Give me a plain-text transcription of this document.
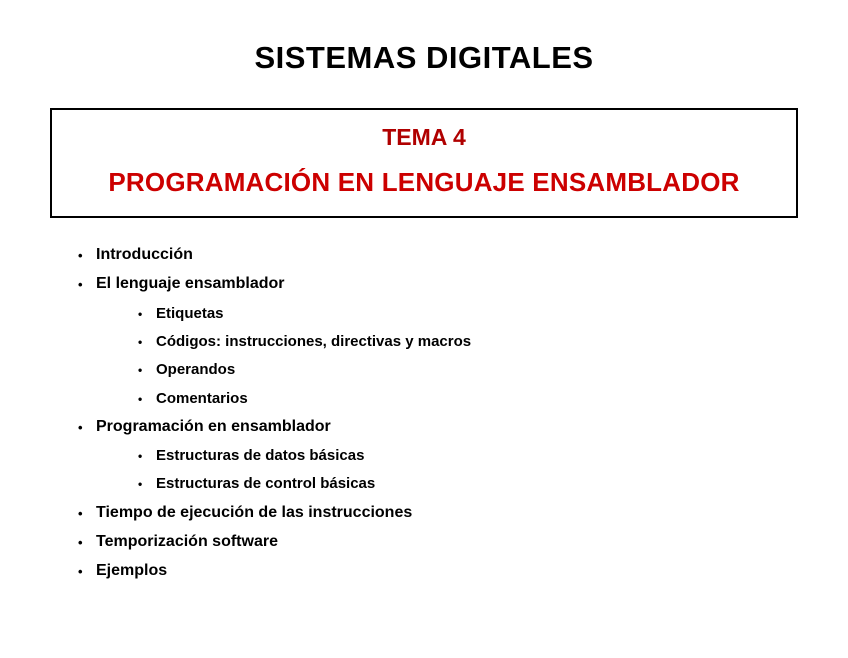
SISTEMAS DIGITALES
TEMA 4
PROGRAMACIÓN EN LENGUAJE ENSAMBLADOR
• Introducción
• El lenguaje ensamblador
• Etiquetas
• Códigos: instrucciones, directivas y macros
• Operandos
• Comentarios
• Programación en ensamblador
• Estructuras de datos básicas
• Estructuras de control básicas
• Tiempo de ejecución de las instrucciones
• Temporización software
• Ejemplos
